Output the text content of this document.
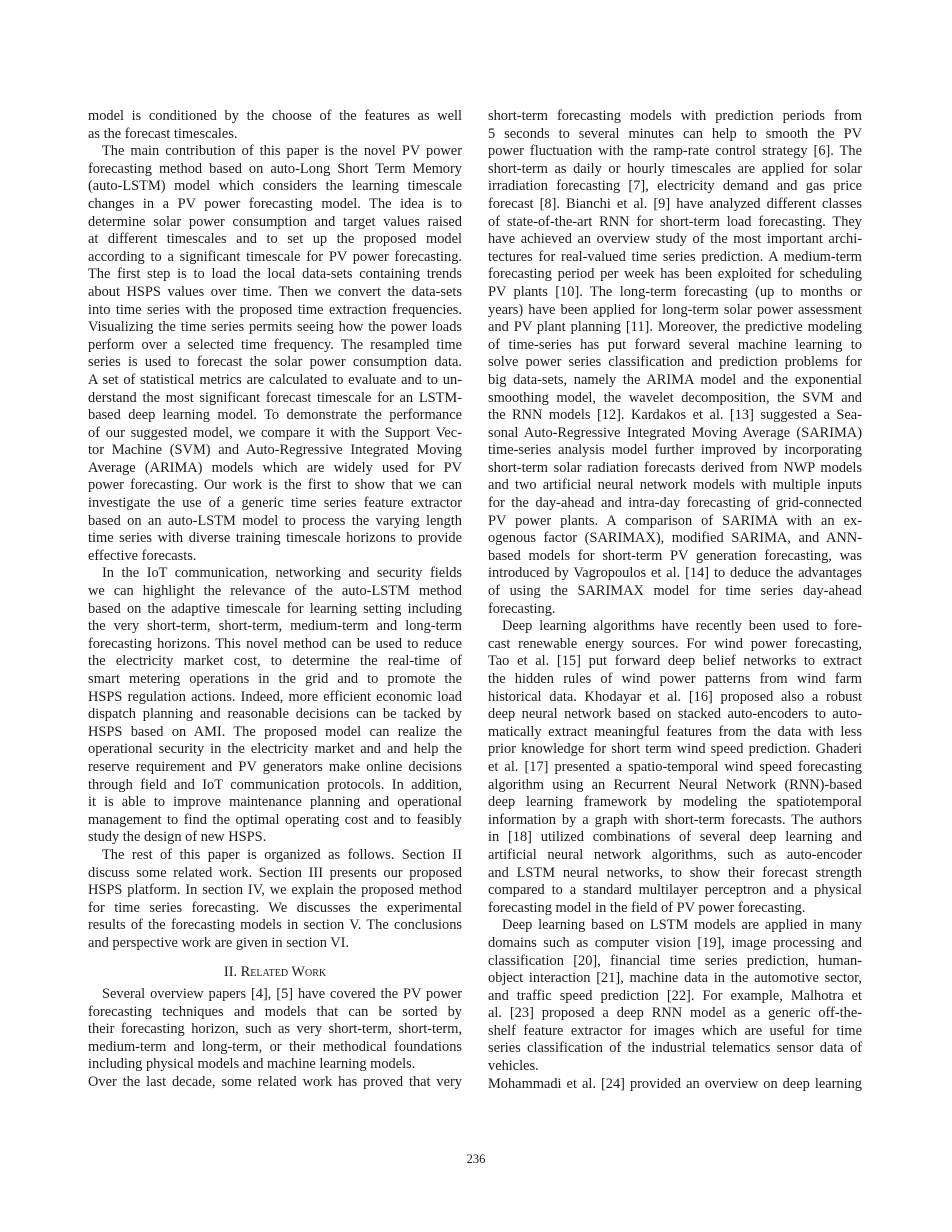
model is conditioned by the choose of the features as well
as the forecast timescales.
The main contribution of this paper is the novel PV power
forecasting method based on auto-Long Short Term Memory
(auto-LSTM) model which considers the learning timescale
changes in a PV power forecasting model. The idea is to
determine solar power consumption and target values raised
at different timescales and to set up the proposed model
according to a significant timescale for PV power forecasting.
The first step is to load the local data-sets containing trends
about HSPS values over time. Then we convert the data-sets
into time series with the proposed time extraction frequencies.
Visualizing the time series permits seeing how the power loads
perform over a selected time frequency. The resampled time
series is used to forecast the solar power consumption data.
A set of statistical metrics are calculated to evaluate and to un-
derstand the most significant forecast timescale for an LSTM-
based deep learning model. To demonstrate the performance
of our suggested model, we compare it with the Support Vec-
tor Machine (SVM) and Auto-Regressive Integrated Moving
Average (ARIMA) models which are widely used for PV
power forecasting. Our work is the first to show that we can
investigate the use of a generic time series feature extractor
based on an auto-LSTM model to process the varying length
time series with diverse training timescale horizons to provide
effective forecasts.
In the IoT communication, networking and security fields
we can highlight the relevance of the auto-LSTM method
based on the adaptive timescale for learning setting including
the very short-term, short-term, medium-term and long-term
forecasting horizons. This novel method can be used to reduce
the electricity market cost, to determine the real-time of
smart metering operations in the grid and to promote the
HSPS regulation actions. Indeed, more efficient economic load
dispatch planning and reasonable decisions can be tacked by
HSPS based on AMI. The proposed model can realize the
operational security in the electricity market and and help the
reserve requirement and PV generators make online decisions
through field and IoT communication protocols. In addition,
it is able to improve maintenance planning and operational
management to find the optimal operating cost and to feasibly
study the design of new HSPS.
The rest of this paper is organized as follows. Section II
discuss some related work. Section III presents our proposed
HSPS platform. In section IV, we explain the proposed method
for time series forecasting. We discusses the experimental
results of the forecasting models in section V. The conclusions
and perspective work are given in section VI.
II. Related Work
Several overview papers [4], [5] have covered the PV power
forecasting techniques and models that can be sorted by
their forecasting horizon, such as very short-term, short-term,
medium-term and long-term, or their methodical foundations
including physical models and machine learning models.
Over the last decade, some related work has proved that very
short-term forecasting models with prediction periods from
5 seconds to several minutes can help to smooth the PV
power fluctuation with the ramp-rate control strategy [6]. The
short-term as daily or hourly timescales are applied for solar
irradiation forecasting [7], electricity demand and gas price
forecast [8]. Bianchi et al. [9] have analyzed different classes
of state-of-the-art RNN for short-term load forecasting. They
have achieved an overview study of the most important archi-
tectures for real-valued time series prediction. A medium-term
forecasting period per week has been exploited for scheduling
PV plants [10]. The long-term forecasting (up to months or
years) have been applied for long-term solar power assessment
and PV plant planning [11]. Moreover, the predictive modeling
of time-series has put forward several machine learning to
solve power series classification and prediction problems for
big data-sets, namely the ARIMA model and the exponential
smoothing model, the wavelet decomposition, the SVM and
the RNN models [12]. Kardakos et al. [13] suggested a Sea-
sonal Auto-Regressive Integrated Moving Average (SARIMA)
time-series analysis model further improved by incorporating
short-term solar radiation forecasts derived from NWP models
and two artificial neural network models with multiple inputs
for the day-ahead and intra-day forecasting of grid-connected
PV power plants. A comparison of SARIMA with an ex-
ogenous factor (SARIMAX), modified SARIMA, and ANN-
based models for short-term PV generation forecasting, was
introduced by Vagropoulos et al. [14] to deduce the advantages
of using the SARIMAX model for time series day-ahead
forecasting.
Deep learning algorithms have recently been used to fore-
cast renewable energy sources. For wind power forecasting,
Tao et al. [15] put forward deep belief networks to extract
the hidden rules of wind power patterns from wind farm
historical data. Khodayar et al. [16] proposed also a robust
deep neural network based on stacked auto-encoders to auto-
matically extract meaningful features from the data with less
prior knowledge for short term wind speed prediction. Ghaderi
et al. [17] presented a spatio-temporal wind speed forecasting
algorithm using an Recurrent Neural Network (RNN)-based
deep learning framework by modeling the spatiotemporal
information by a graph with short-term forecasts. The authors
in [18] utilized combinations of several deep learning and
artificial neural network algorithms, such as auto-encoder
and LSTM neural networks, to show their forecast strength
compared to a standard multilayer perceptron and a physical
forecasting model in the field of PV power forecasting.
Deep learning based on LSTM models are applied in many
domains such as computer vision [19], image processing and
classification [20], financial time series prediction, human-
object interaction [21], machine data in the automotive sector,
and traffic speed prediction [22]. For example, Malhotra et
al. [23] proposed a deep RNN model as a generic off-the-
shelf feature extractor for images which are useful for time
series classification of the industrial telematics sensor data of
vehicles.
Mohammadi et al. [24] provided an overview on deep learning
236
